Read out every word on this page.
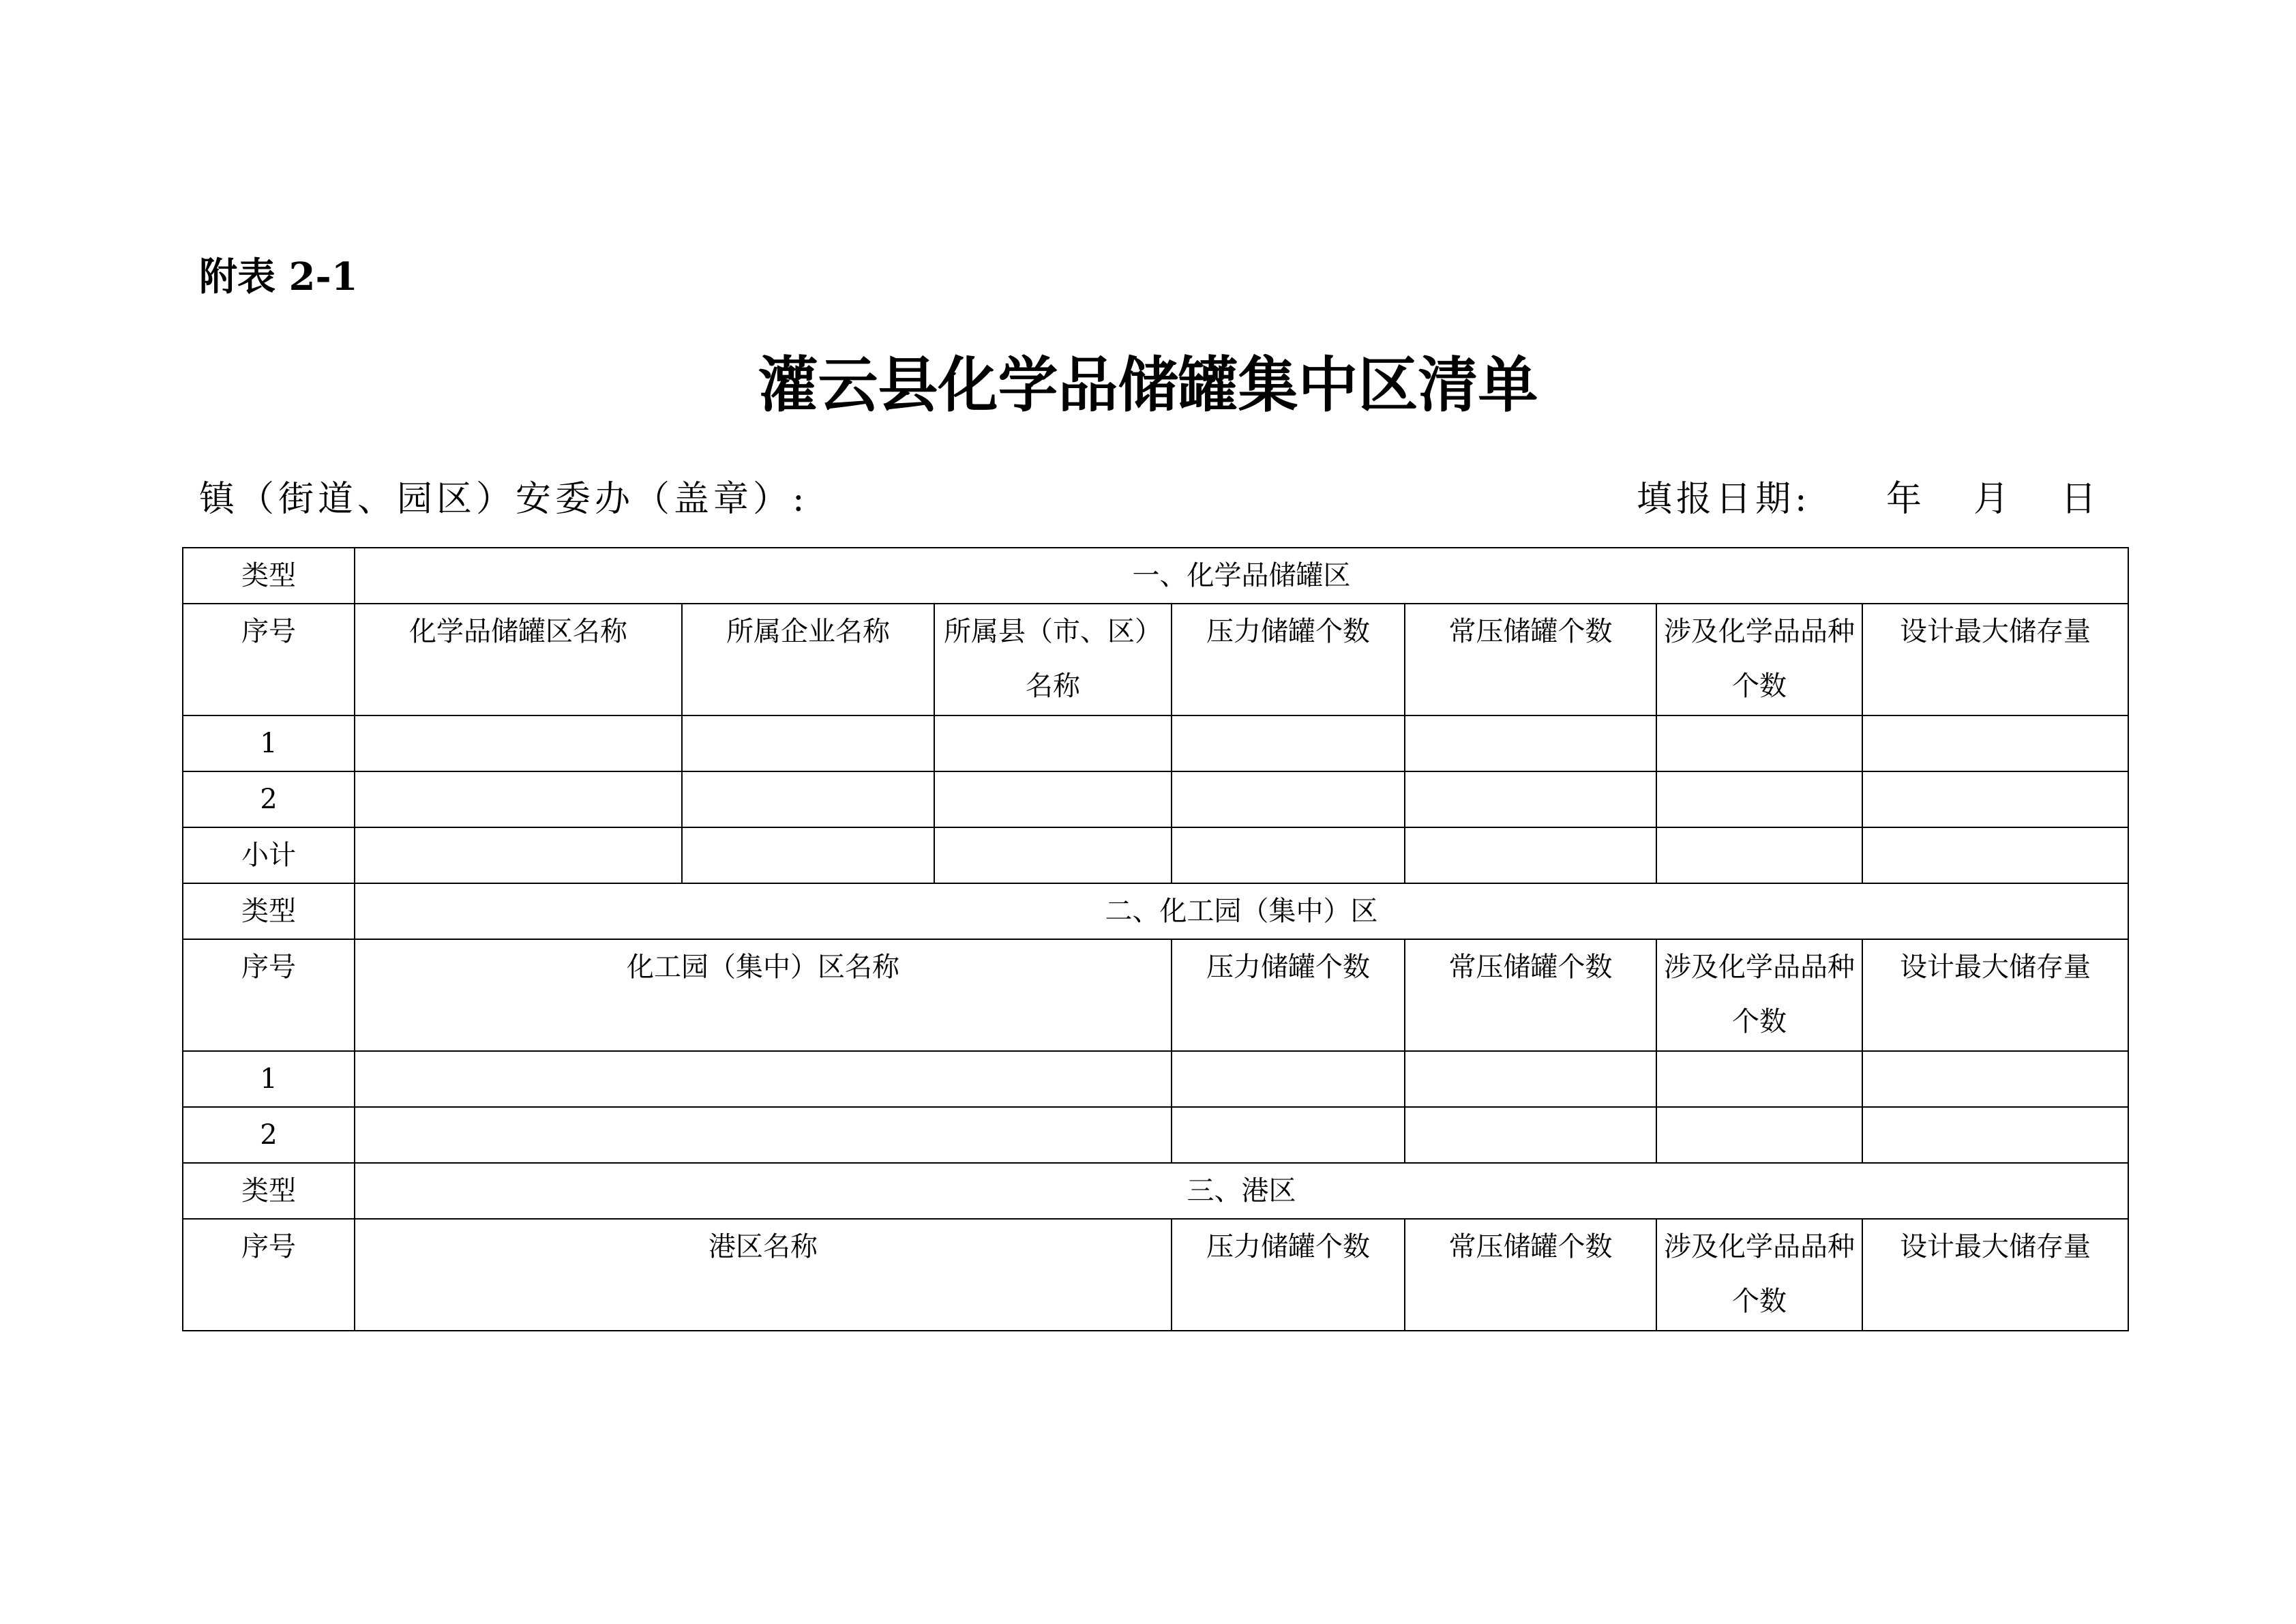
附表 2-1
灌云县化学品储罐集中区清单
镇（街道、园区）安委办（盖章）:	填报日期: 年 月 日
类型	一、化学品储罐区						
序号	化学品储罐区名称	所属企业名称	所属县（市、区）名称	压力储罐个数	常压储罐个数	涉及化学品品种个数	设计最大储存量
1							
2							
小计							
类型	二、化工园（集中）区						
序号	化工园（集中）区名称			压力储罐个数	常压储罐个数	涉及化学品品种个数	设计最大储存量
1							
2							
类型	三、港区						
序号	港区名称			压力储罐个数	常压储罐个数	涉及化学品品种个数	设计最大储存量
